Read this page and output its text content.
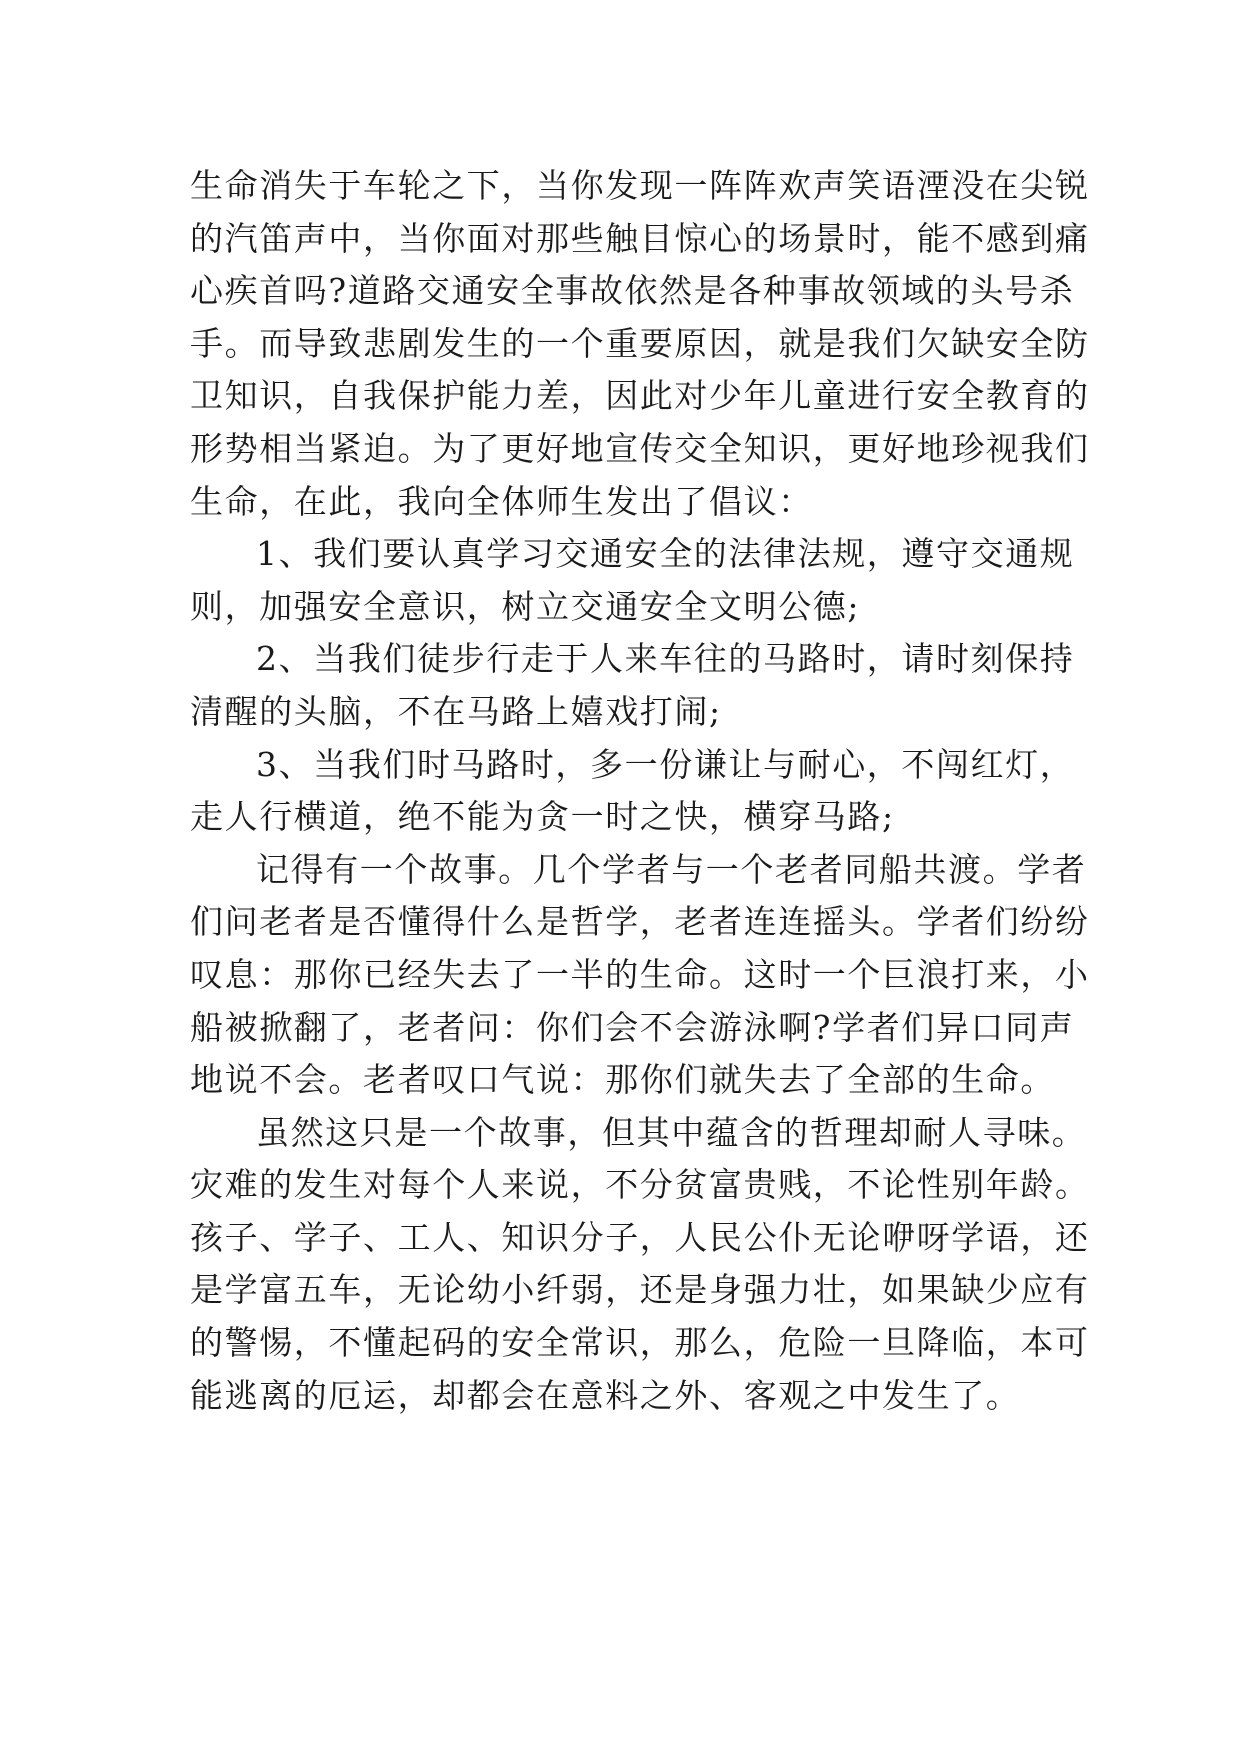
生命消失于车轮之下，当你发现一阵阵欢声笑语湮没在尖锐
的汽笛声中，当你面对那些触目惊心的场景时，能不感到痛
心疾首吗?道路交通安全事故依然是各种事故领域的头号杀
手。而导致悲剧发生的一个重要原因，就是我们欠缺安全防
卫知识，自我保护能力差，因此对少年儿童进行安全教育的
形势相当紧迫。为了更好地宣传交全知识，更好地珍视我们
生命，在此，我向全体师生发出了倡议：
1、我们要认真学习交通安全的法律法规，遵守交通规
则，加强安全意识，树立交通安全文明公德;
2、当我们徒步行走于人来车往的马路时，请时刻保持
清醒的头脑，不在马路上嬉戏打闹;
3、当我们时马路时，多一份谦让与耐心，不闯红灯，
走人行横道，绝不能为贪一时之快，横穿马路;
记得有一个故事。几个学者与一个老者同船共渡。学者
们问老者是否懂得什么是哲学，老者连连摇头。学者们纷纷
叹息：那你已经失去了一半的生命。这时一个巨浪打来，小
船被掀翻了，老者问：你们会不会游泳啊?学者们异口同声
地说不会。老者叹口气说：那你们就失去了全部的生命。
虽然这只是一个故事，但其中蕴含的哲理却耐人寻味。
灾难的发生对每个人来说，不分贫富贵贱，不论性别年龄。
孩子、学子、工人、知识分子，人民公仆无论咿呀学语，还
是学富五车，无论幼小纤弱，还是身强力壮，如果缺少应有
的警惕，不懂起码的安全常识，那么，危险一旦降临，本可
能逃离的厄运，却都会在意料之外、客观之中发生了。
